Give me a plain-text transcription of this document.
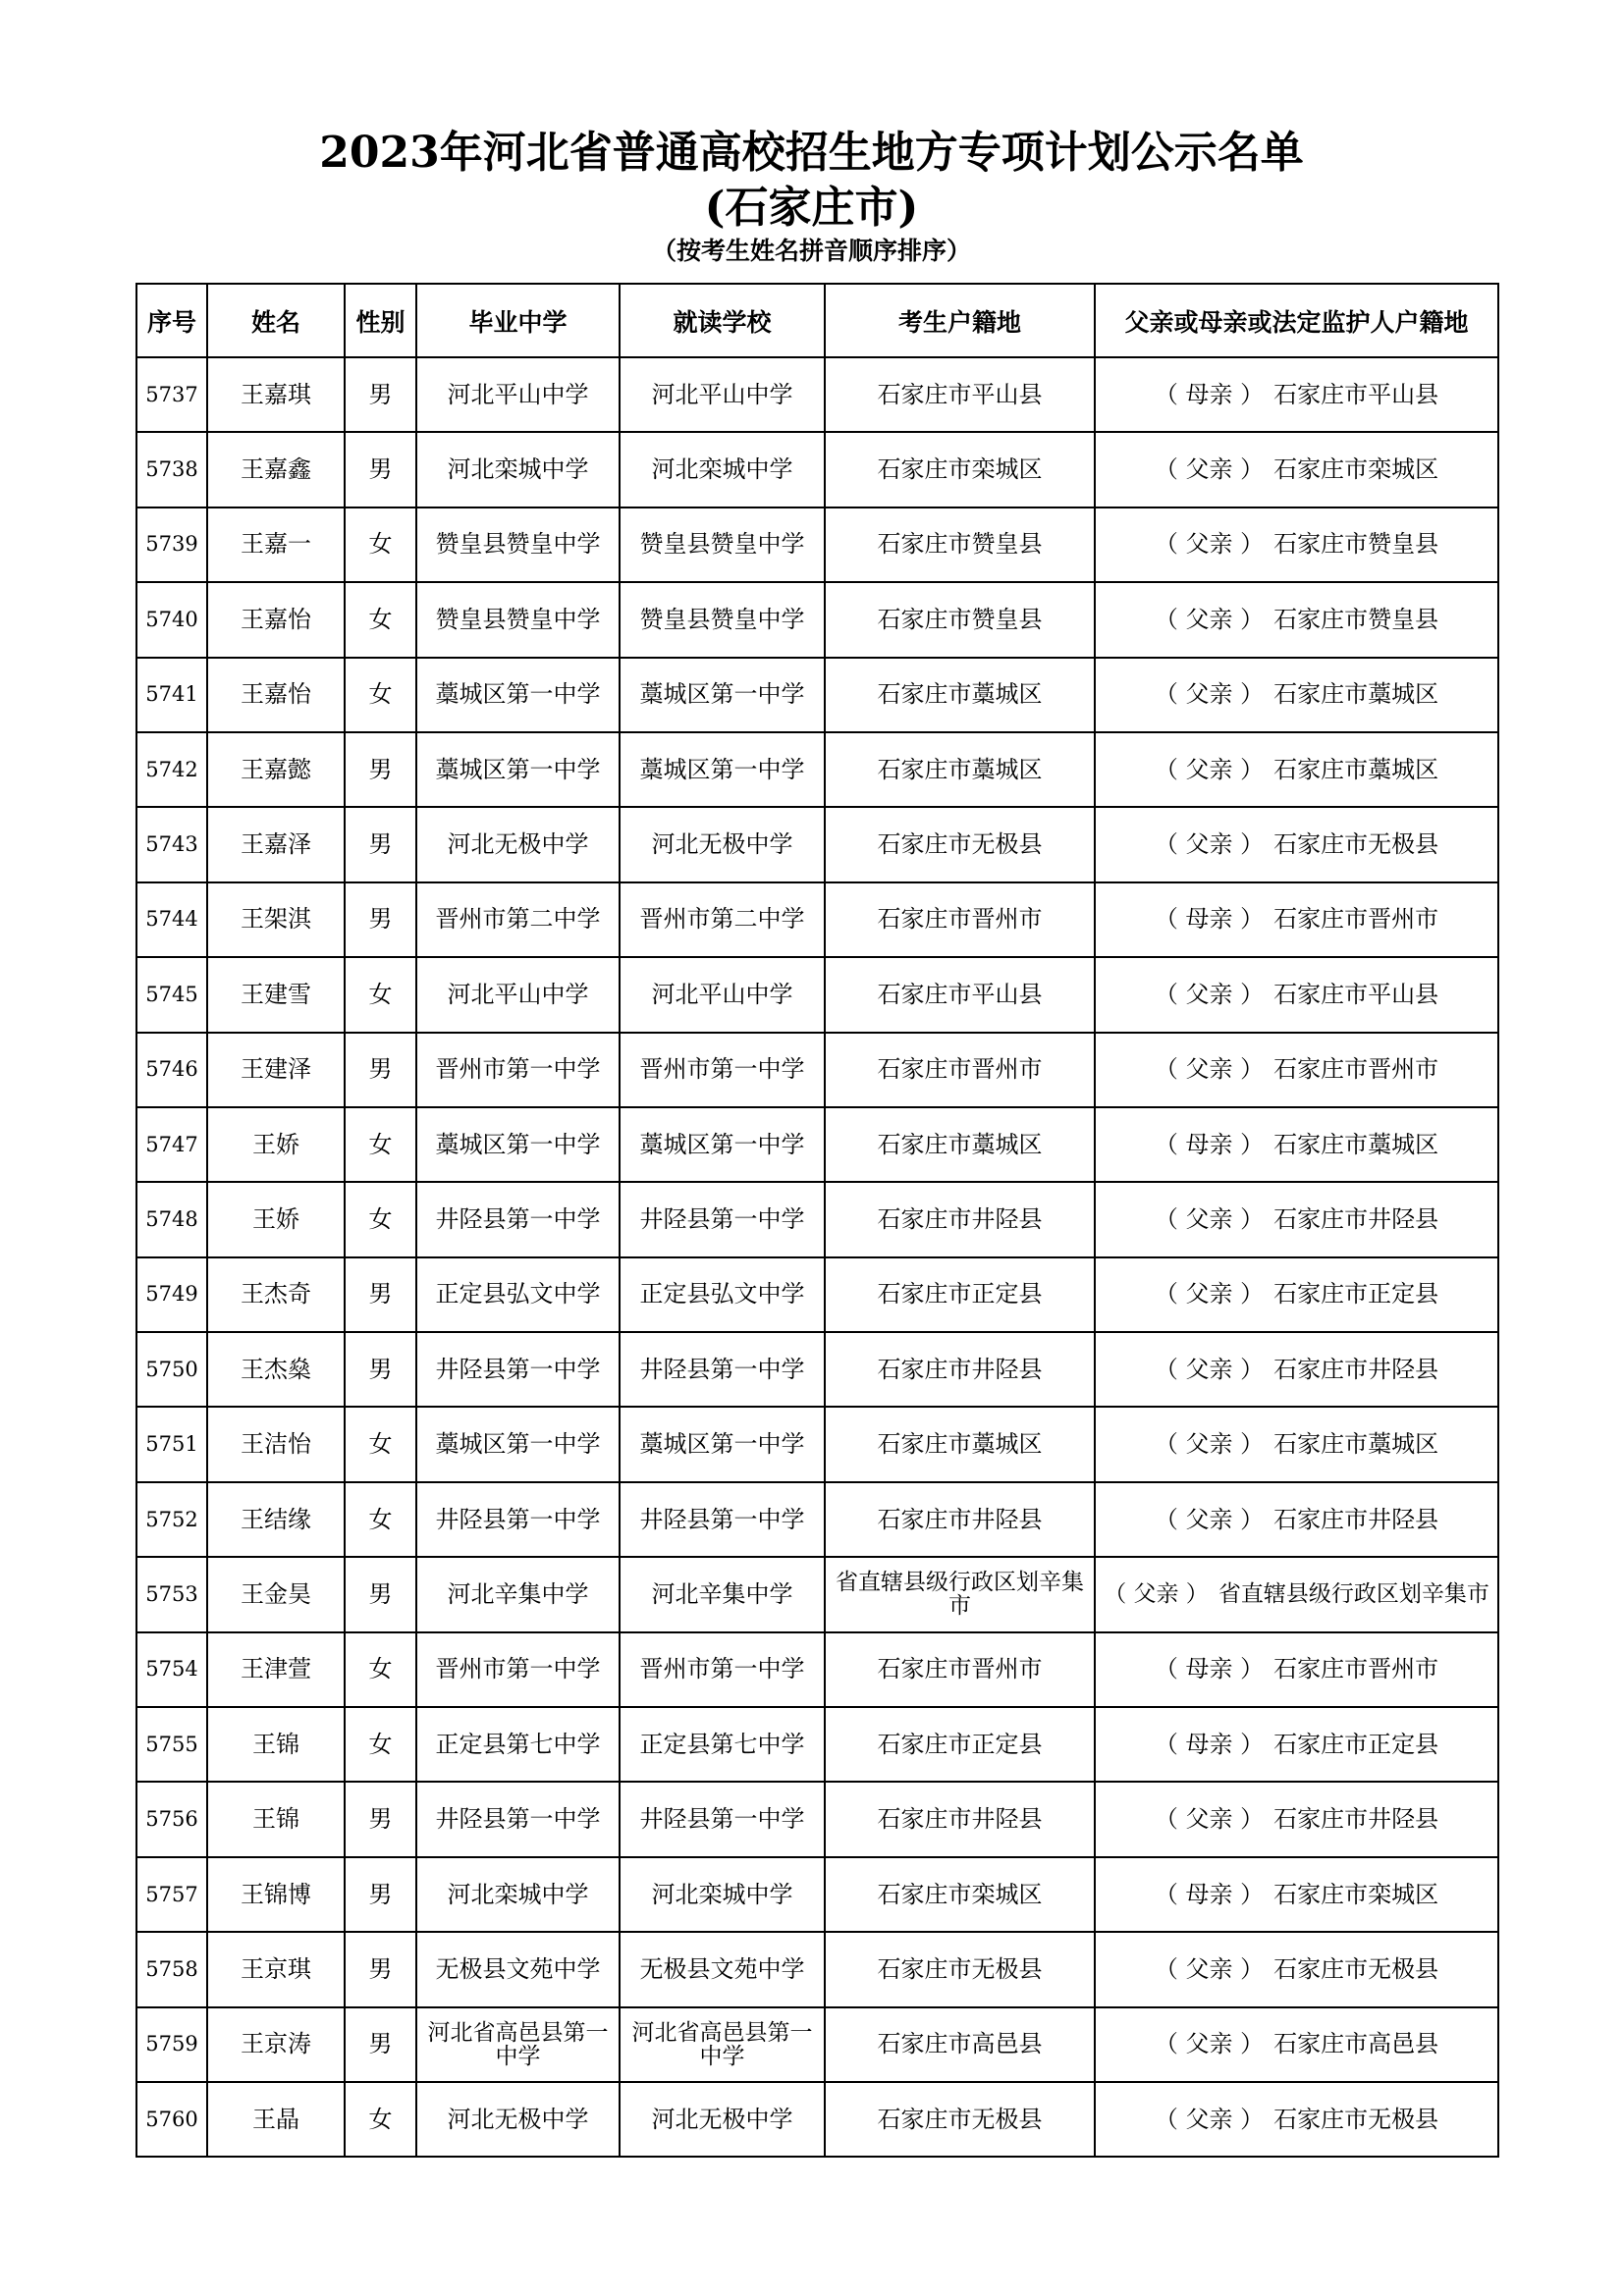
2023年河北省普通高校招生地方专项计划公示名单
(石家庄市)
（按考生姓名拼音顺序排序）
序号	姓名	性别	毕业中学	就读学校	考生户籍地	父亲或母亲或法定监护人户籍地
5737	王嘉琪	男	河北平山中学	河北平山中学	石家庄市平山县	（ 母亲 ） 石家庄市平山县
5738	王嘉鑫	男	河北栾城中学	河北栾城中学	石家庄市栾城区	（ 父亲 ） 石家庄市栾城区
5739	王嘉一	女	赞皇县赞皇中学	赞皇县赞皇中学	石家庄市赞皇县	（ 父亲 ） 石家庄市赞皇县
5740	王嘉怡	女	赞皇县赞皇中学	赞皇县赞皇中学	石家庄市赞皇县	（ 父亲 ） 石家庄市赞皇县
5741	王嘉怡	女	藁城区第一中学	藁城区第一中学	石家庄市藁城区	（ 父亲 ） 石家庄市藁城区
5742	王嘉懿	男	藁城区第一中学	藁城区第一中学	石家庄市藁城区	（ 父亲 ） 石家庄市藁城区
5743	王嘉泽	男	河北无极中学	河北无极中学	石家庄市无极县	（ 父亲 ） 石家庄市无极县
5744	王架淇	男	晋州市第二中学	晋州市第二中学	石家庄市晋州市	（ 母亲 ） 石家庄市晋州市
5745	王建雪	女	河北平山中学	河北平山中学	石家庄市平山县	（ 父亲 ） 石家庄市平山县
5746	王建泽	男	晋州市第一中学	晋州市第一中学	石家庄市晋州市	（ 父亲 ） 石家庄市晋州市
5747	王娇	女	藁城区第一中学	藁城区第一中学	石家庄市藁城区	（ 母亲 ） 石家庄市藁城区
5748	王娇	女	井陉县第一中学	井陉县第一中学	石家庄市井陉县	（ 父亲 ） 石家庄市井陉县
5749	王杰奇	男	正定县弘文中学	正定县弘文中学	石家庄市正定县	（ 父亲 ） 石家庄市正定县
5750	王杰燊	男	井陉县第一中学	井陉县第一中学	石家庄市井陉县	（ 父亲 ） 石家庄市井陉县
5751	王洁怡	女	藁城区第一中学	藁城区第一中学	石家庄市藁城区	（ 父亲 ） 石家庄市藁城区
5752	王结缘	女	井陉县第一中学	井陉县第一中学	石家庄市井陉县	（ 父亲 ） 石家庄市井陉县
5753	王金昊	男	河北辛集中学	河北辛集中学	省直辖县级行政区划辛集市	（ 父亲 ） 省直辖县级行政区划辛集市
5754	王津萱	女	晋州市第一中学	晋州市第一中学	石家庄市晋州市	（ 母亲 ） 石家庄市晋州市
5755	王锦	女	正定县第七中学	正定县第七中学	石家庄市正定县	（ 母亲 ） 石家庄市正定县
5756	王锦	男	井陉县第一中学	井陉县第一中学	石家庄市井陉县	（ 父亲 ） 石家庄市井陉县
5757	王锦博	男	河北栾城中学	河北栾城中学	石家庄市栾城区	（ 母亲 ） 石家庄市栾城区
5758	王京琪	男	无极县文苑中学	无极县文苑中学	石家庄市无极县	（ 父亲 ） 石家庄市无极县
5759	王京涛	男	河北省高邑县第一中学	河北省高邑县第一中学	石家庄市高邑县	（ 父亲 ） 石家庄市高邑县
5760	王晶	女	河北无极中学	河北无极中学	石家庄市无极县	（ 父亲 ） 石家庄市无极县
